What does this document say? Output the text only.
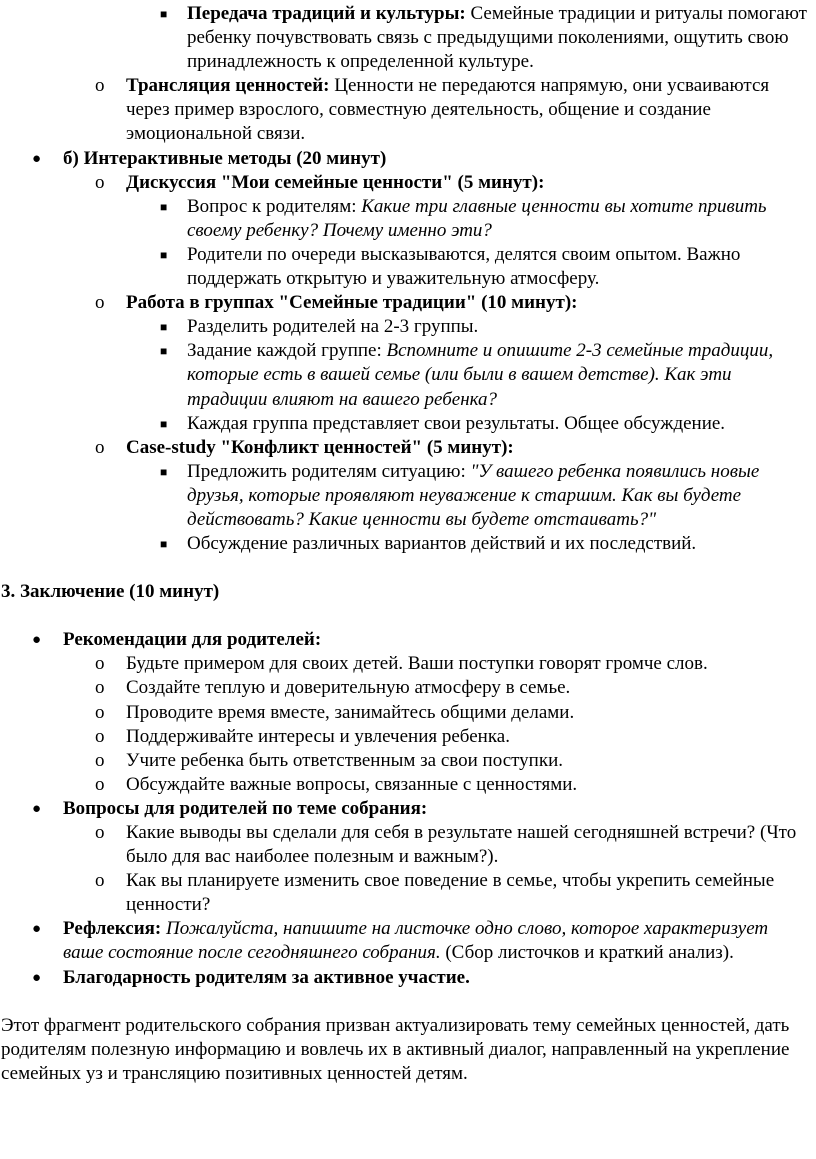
■ Передача традиций и культуры: Семейные традиции и ритуалы помогают ребенку почувствовать связь с предыдущими поколениями, ощутить свою принадлежность к определенной культуре.
o Трансляция ценностей: Ценности не передаются напрямую, они усваиваются через пример взрослого, совместную деятельность, общение и создание эмоциональной связи.
● б) Интерактивные методы (20 минут)
o Дискуссия "Мои семейные ценности" (5 минут):
■ Вопрос к родителям: Какие три главные ценности вы хотите привить своему ребенку? Почему именно эти?
■ Родители по очереди высказываются, делятся своим опытом. Важно поддержать открытую и уважительную атмосферу.
o Работа в группах "Семейные традиции" (10 минут):
■ Разделить родителей на 2-3 группы.
■ Задание каждой группе: Вспомните и опишите 2-3 семейные традиции, которые есть в вашей семье (или были в вашем детстве). Как эти традиции влияют на вашего ребенка?
■ Каждая группа представляет свои результаты. Общее обсуждение.
o Case-study "Конфликт ценностей" (5 минут):
■ Предложить родителям ситуацию: "У вашего ребенка появились новые друзья, которые проявляют неуважение к старшим. Как вы будете действовать? Какие ценности вы будете отстаивать?"
■ Обсуждение различных вариантов действий и их последствий.
3. Заключение (10 минут)
● Рекомендации для родителей:
o Будьте примером для своих детей. Ваши поступки говорят громче слов.
o Создайте теплую и доверительную атмосферу в семье.
o Проводите время вместе, занимайтесь общими делами.
o Поддерживайте интересы и увлечения ребенка.
o Учите ребенка быть ответственным за свои поступки.
o Обсуждайте важные вопросы, связанные с ценностями.
● Вопросы для родителей по теме собрания:
o Какие выводы вы сделали для себя в результате нашей сегодняшней встречи? (Что было для вас наиболее полезным и важным?).
o Как вы планируете изменить свое поведение в семье, чтобы укрепить семейные ценности?
● Рефлексия: Пожалуйста, напишите на листочке одно слово, которое характеризует ваше состояние после сегодняшнего собрания. (Сбор листочков и краткий анализ).
● Благодарность родителям за активное участие.
Этот фрагмент родительского собрания призван актуализировать тему семейных ценностей, дать родителям полезную информацию и вовлечь их в активный диалог, направленный на укрепление семейных уз и трансляцию позитивных ценностей детям.
